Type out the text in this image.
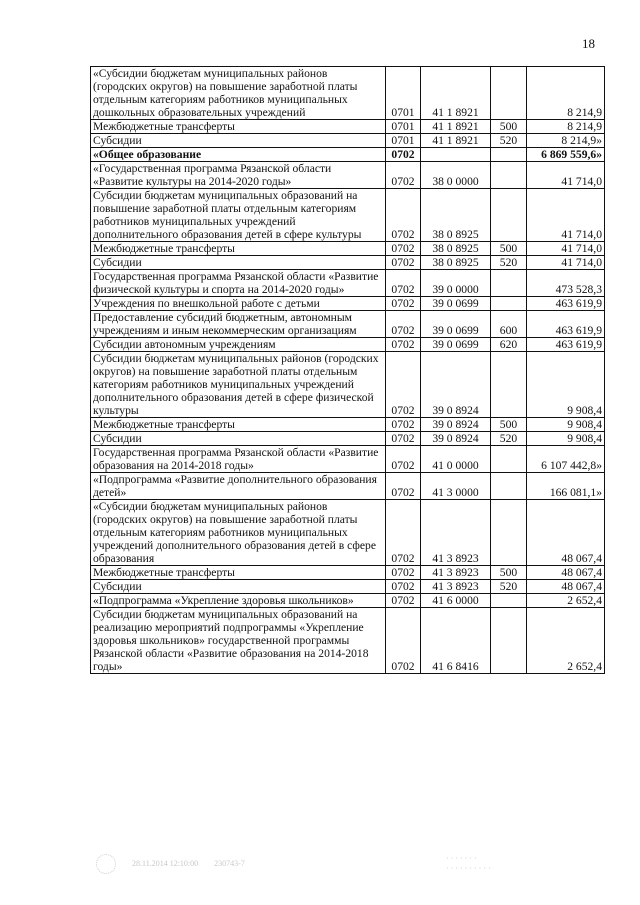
18
«Субсидии бюджетам муниципальных районов (городских округов) на повышение заработной платы отдельным категориям работников муниципальных дошкольных образовательных учреждений	0701	41 1 8921		8 214,9
Межбюджетные трансферты	0701	41 1 8921	500	8 214,9
Субсидии	0701	41 1 8921	520	8 214,9»
«Общее образование	0702			6 869 559,6»
«Государственная программа Рязанской области «Развитие культуры на 2014-2020 годы»	0702	38 0 0000		41 714,0
Субсидии бюджетам муниципальных образований на повышение заработной платы отдельным категориям работников муниципальных учреждений дополнительного образования детей в сфере культуры	0702	38 0 8925		41 714,0
Межбюджетные трансферты	0702	38 0 8925	500	41 714,0
Субсидии	0702	38 0 8925	520	41 714,0
Государственная программа Рязанской области «Развитие физической культуры и спорта на 2014-2020 годы»	0702	39 0 0000		473 528,3
Учреждения по внешкольной работе с детьми	0702	39 0 0699		463 619,9
Предоставление субсидий бюджетным, автономным учреждениям и иным некоммерческим организациям	0702	39 0 0699	600	463 619,9
Субсидии автономным учреждениям	0702	39 0 0699	620	463 619,9
Субсидии бюджетам муниципальных районов (городских округов) на повышение заработной платы отдельным категориям работников муниципальных учреждений дополнительного образования детей в сфере физической культуры	0702	39 0 8924		9 908,4
Межбюджетные трансферты	0702	39 0 8924	500	9 908,4
Субсидии	0702	39 0 8924	520	9 908,4
Государственная программа Рязанской области «Развитие образования на 2014-2018 годы»	0702	41 0 0000		6 107 442,8»
«Подпрограмма «Развитие дополнительного образования детей»	0702	41 3 0000		166 081,1»
«Субсидии бюджетам муниципальных районов (городских округов) на повышение заработной платы отдельным категориям работников муниципальных учреждений дополнительного образования детей в сфере образования	0702	41 3 8923		48 067,4
Межбюджетные трансферты	0702	41 3 8923	500	48 067,4
Субсидии	0702	41 3 8923	520	48 067,4
«Подпрограмма «Укрепление здоровья школьников»	0702	41 6 0000		2 652,4
Субсидии бюджетам муниципальных образований на реализацию мероприятий подпрограммы «Укрепление здоровья школьников» государственной программы Рязанской области «Развитие образования на 2014-2018 годы»	0702	41 6 8416		2 652,4
28.11.2014 12:10:00 230743-7
· · · · · · ·
· · · · · · · · · ·
